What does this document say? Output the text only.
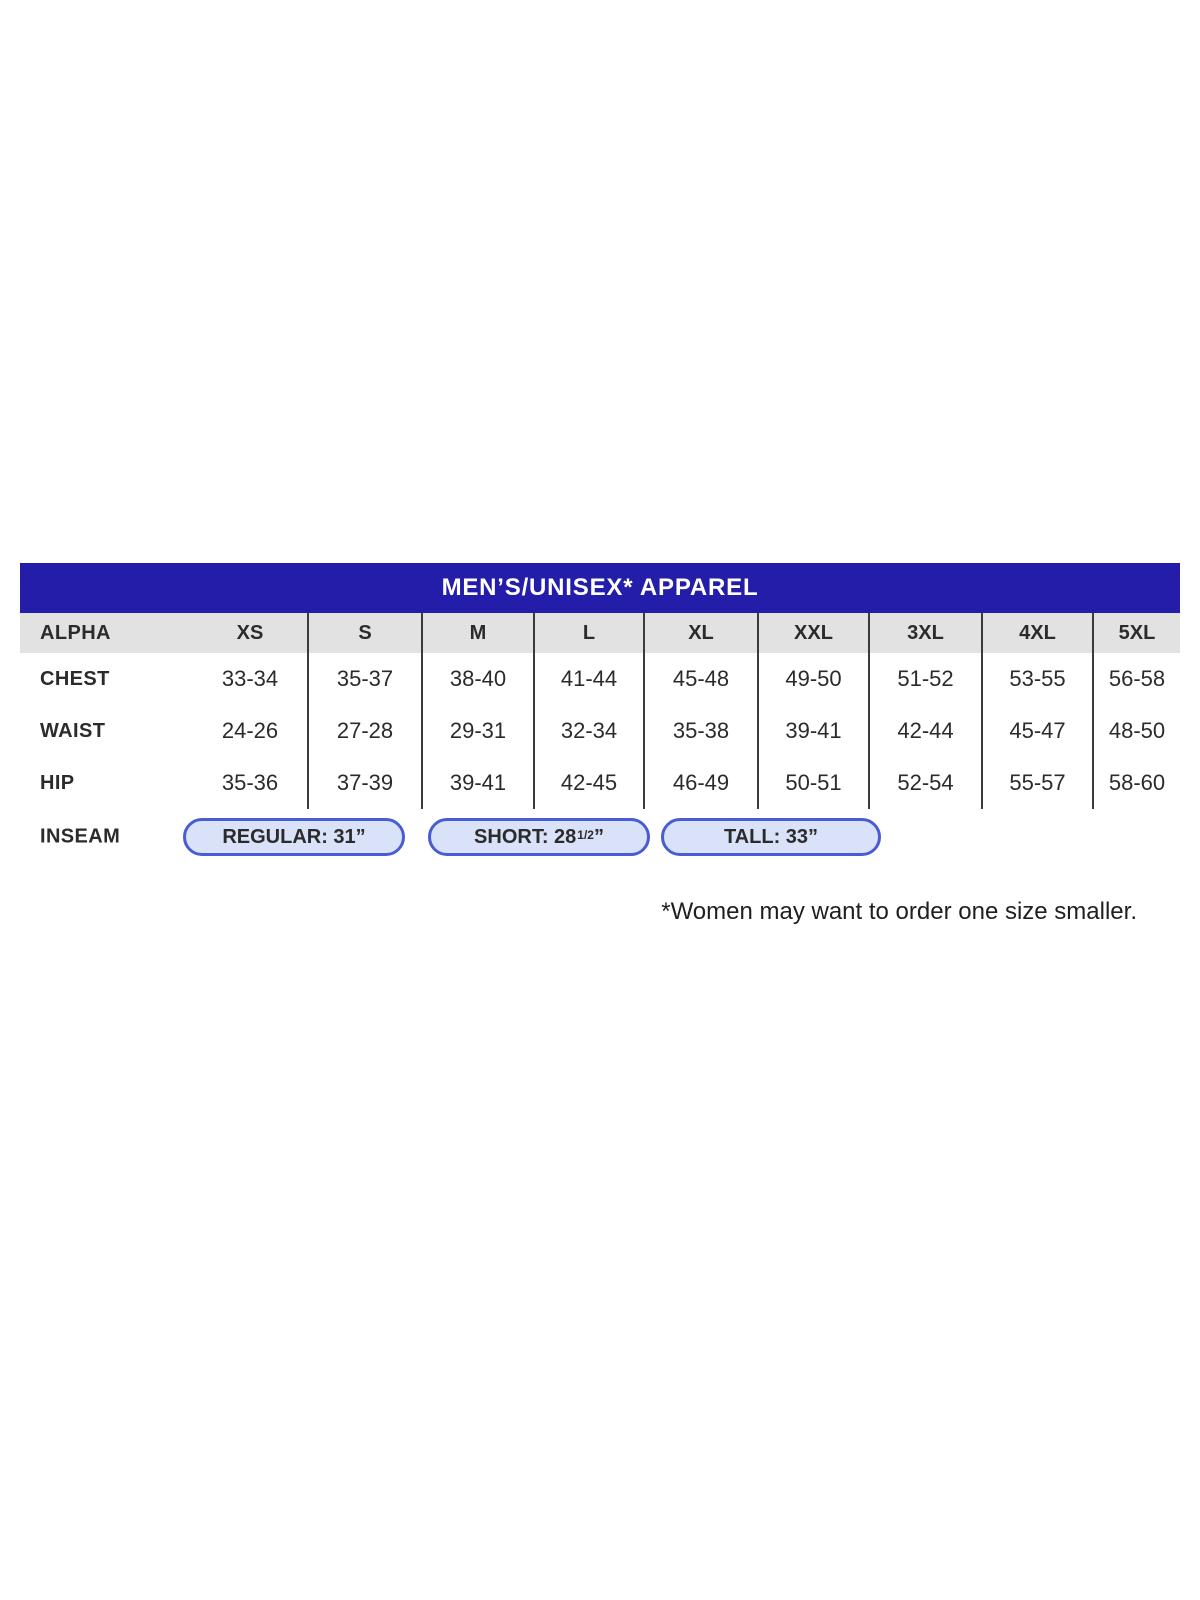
MEN’S/UNISEX* APPAREL
ALPHA	XS	S	M	L	XL	XXL	3XL	4XL	5XL
CHEST	33-34	35-37	38-40	41-44	45-48	49-50	51-52	53-55	56-58
WAIST	24-26	27-28	29-31	32-34	35-38	39-41	42-44	45-47	48-50
HIP	35-36	37-39	39-41	42-45	46-49	50-51	52-54	55-57	58-60
INSEAM	REGULAR: 31”	SHORT: $28^{1/2}$ ”	TALL: 33”

*Women may want to order one size smaller.
